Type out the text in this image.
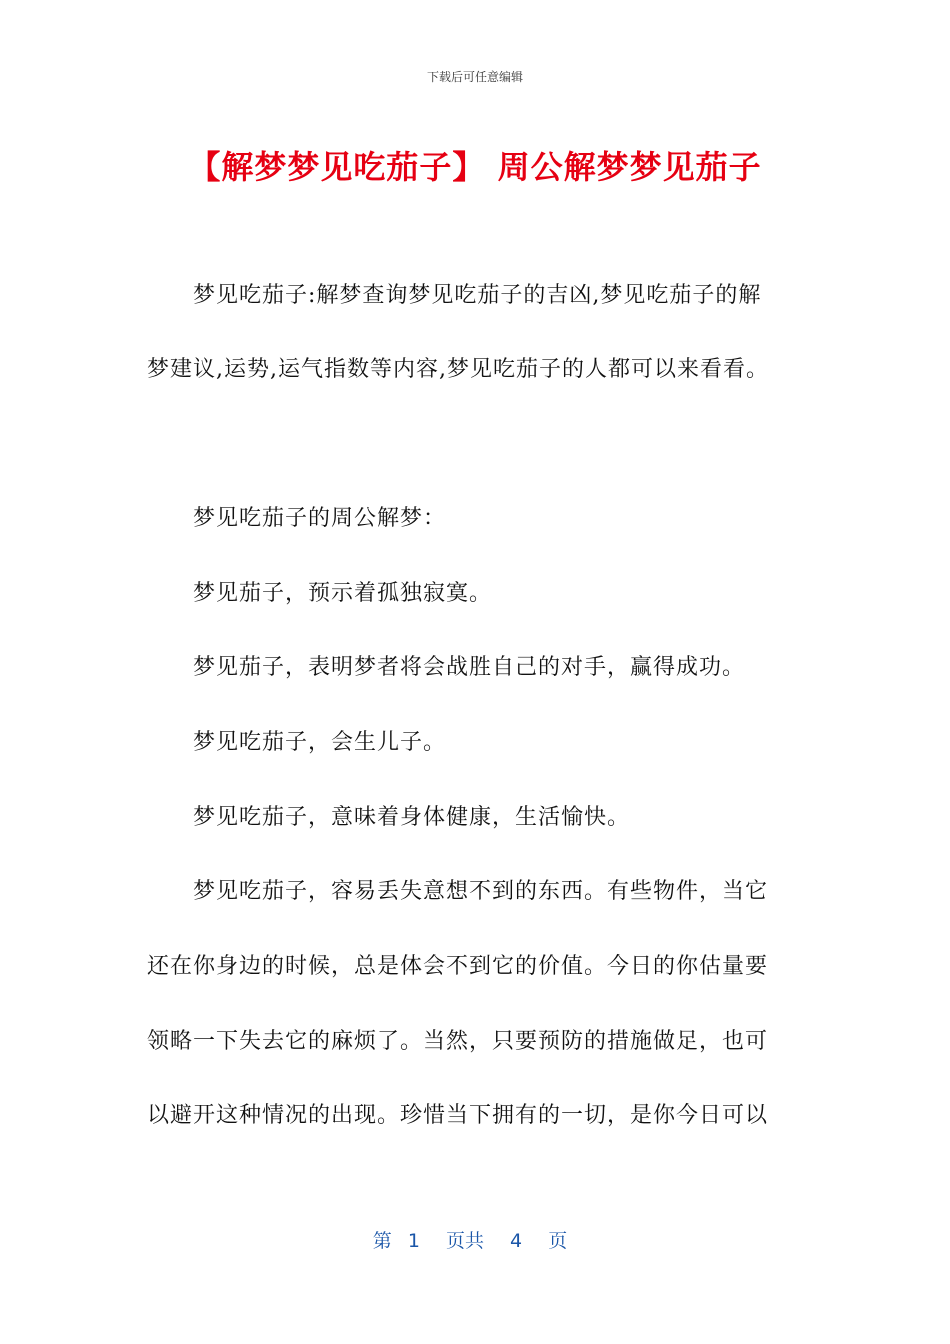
下载后可任意编辑
【解梦梦见吃茄子】 周公解梦梦见茄子
梦见吃茄子:解梦查询梦见吃茄子的吉凶,梦见吃茄子的解
梦建议,运势,运气指数等内容,梦见吃茄子的人都可以来看看。
梦见吃茄子的周公解梦：
梦见茄子，预示着孤独寂寞。
梦见茄子，表明梦者将会战胜自己的对手，赢得成功。
梦见吃茄子，会生儿子。
梦见吃茄子，意味着身体健康，生活愉快。
梦见吃茄子，容易丢失意想不到的东西。有些物件，当它
还在你身边的时候，总是体会不到它的价值。今日的你估量要
领略一下失去它的麻烦了。当然，只要预防的措施做足，也可
以避开这种情况的出现。珍惜当下拥有的一切，是你今日可以
第 1 页共 4 页
